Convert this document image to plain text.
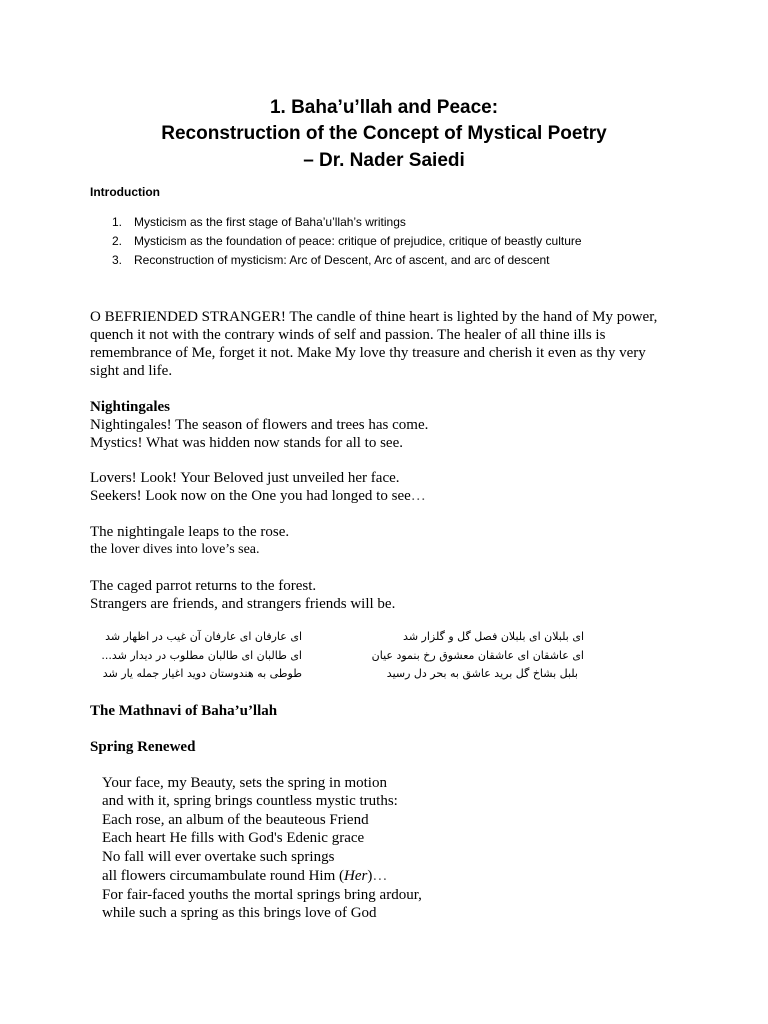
1. Baha’u’llah and Peace:
Reconstruction of the Concept of Mystical Poetry
– Dr. Nader Saiedi
Introduction
1. Mysticism as the first stage of Baha’u’llah’s writings
2. Mysticism as the foundation of peace: critique of prejudice, critique of beastly culture
3. Reconstruction of mysticism: Arc of Descent, Arc of ascent, and arc of descent
O BEFRIENDED STRANGER! The candle of thine heart is lighted by the hand of My power,
quench it not with the contrary winds of self and passion. The healer of all thine ills is
remembrance of Me, forget it not. Make My love thy treasure and cherish it even as thy very
sight and life.
Nightingales
Nightingales! The season of flowers and trees has come.
Mystics! What was hidden now stands for all to see.
Lovers! Look! Your Beloved just unveiled her face.
Seekers! Look now on the One you had longed to see…
The nightingale leaps to the rose.
the lover dives into love’s sea.
The caged parrot returns to the forest.
Strangers are friends, and strangers friends will be.
ای بلبلان ای بلبلان فصل گل و گلزار شد
ای عاشقان ای عاشقان معشوق رخ بنمود عیان
بلبل بشاخ گل برید عاشق به بحر دل رسید
ای عارفان ای عارفان آن غیب در اظهار شد
ای طالبان ای طالبان مطلوب در دیدار شد...
طوطی به هندوستان دوید اغیار جمله یار شد
The Mathnavi of Baha’u’llah
Spring Renewed
Your face, my Beauty, sets the spring in motion
and with it, spring brings countless mystic truths:
Each rose, an album of the beauteous Friend
Each heart He fills with God's Edenic grace
No fall will ever overtake such springs
all flowers circumambulate round Him (Her)…
For fair-faced youths the mortal springs bring ardour,
while such a spring as this brings love of God
